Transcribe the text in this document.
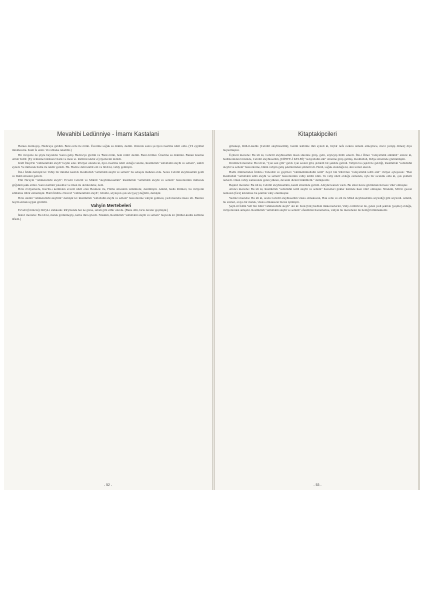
Mevahibi Ledünniye - İmamı Kastalani

Herkes durmayıp, Hadiceye geldim. Beni evde ile örtün. Üzerime soğuk su dökün, dedim. Onlarda sonra şu âyet-i kerîme nâzil oldu. (Yâ eyyühel müddessiru. Kum fe enzir. Ve rabbeke tekebbir.)

Bir rivayette de şöyle buyruldu: Sonra gelip Hadice'ye girdim ve 'Beni örtün, beni örtün' dedim. Beni örttüler. Üzerime su döktüler. Bunun üzerine Allah Teâlâ: (Ey örtüsüne bürünen! Kalk ve inzar et. Rabbini tekbir et) âyetlerini indirdi.

Kâdî İlleyd'in "rahmetullahi aleyh" beyân eder. Rivâyet olundu ki, âyet-i kerîme nâzil olduğu vakitte, Resûlullah "sallallahü aleyhi ve sellem", tekbîr eyledi. Ve mübarek lisânı ile tekbîr getirdi. Hz. Hadice dahi tekbîr etti ve bildi ki, vahiy gelmiştir.

İbn-i İshâk demiştir ki: Vahiy bir müddet kesildi. Resûlullah "sallallahü aleyhi ve sellem" bu sebeple mahzun oldu. Sonra Cebrâil aleyhisselâm geldi ve Duhâ sûresini getirdi.

Ebû Nu'aym "rahmetullahi aleyh": Evvelâ Cebrâil ve Mikâil "aleyhimesselâm" Resûlullah "sallallahü aleyhi ve sellem" hazretlerinin mübarek göğsünü şakk ettiler. Sonra kalbini yıkadılar ve iman ile doldurdular, dedi.

Ba'zı rivâyetlerde, Kur'ân-ı kerîmden evvelâ nâzil olan Besmele ile, Fâtiha sûresinin tamâmıdır, denilmiştir. Ammâ, hadis âlimleri, bu rivâyetin sıhhatine itibâr etmemiştir. Hattâ İmâm-ı Nevevî "rahmetullahi aleyh", bâtıldır, söyleyen çok söz [şey] değildir, demiştir.

Ba'zı ulemâ "rahmetullahi aleyhim" demiştir ki: Resûlullah "sallallahü aleyhi ve sellem" hazretlerine vahyin gelmesi, yedi mertebe üzere idi. Bunları beyân etmek uygun görüldü.

Vahyin Mertebeleri

Evvelâ (birincisi): Rü'yâ-i sâdıkadır. Rü'yâsında her ne görse, sabah gibi zâhir olurdu. (Buna dâir, ba'zı dersler geçmiştir.)

İkinci mertebe: Bu idi ki, melek görünmeyip, kalbe ilkâ eylerdi. Nitekim, Resûlullah "sallallahü aleyhi ve sellem" buyurdu ki: (Rûhul-kudüs kalbime üfledi.)

- 52 -
Kitaptakipcileri

göbekeşi, Rûh-il-kudüs [Cebrâil aleyhisselâm], benim kalbime ilkâ eyledi ki, hiçbir nefs rızkını tamam etmeyince, mevt yetişip ölmez] diye buyurmuştur.

Üçüncü mertebe: Bu idi ki, Cebrâil aleyhisselâm insan sûretine girip, gelir, söyleyip hitâb ederdi. İbn-i Ömer "radıyallahü anhümâ" anlatır ki, hadîslerinden birisinde, Cebrâil aleyhisselâm, [DİHYE-İ KELBİ] "radıyallahü anh" sûretine girip gelmiş, Resûlullah, Dıhye sûretinde görünmüştür.

Dördüncü mertebe: Bu idi ki, "Çan sesi gibi" geldi. Çan sesleri gibi, şiddetli bir şekilde gelirdi. Vahyin bu çeşidi ile geldiği, Resûlullah "sallallahü aleyhi ve sellem" hazretlerine, bütün vahyin geliş şekillerinden şiddetli idi. Hattâ, soğuk olunduğu ki, alın terleri akardı.

Hadîs âlimlerinden İmâm-ı Taberânî ve gayrileri "rahimehümullahü teâlâ" Zeyd bin Sâbit'den "radıyallahü teâlâ anh" rivâyet eyleyerek: "Ben Resûlullah "sallallahü teâlâ aleyhi ve sellem" hazretlerinin vahiy kâtibi idim. Ve vahy nâzil olduğu zamanda, öyle bir sıcaklık oldu ki, çok şiddetli terlerdi. Onun vahiy zamanında gelen yükten, devenin dizleri bükülürdü." demişlerdir.

Beşinci mertebe: Bu idi ki, Cebrâil aleyhisselâmı, kendi sûretinde gelirdi. Altıyüz kanadı vardı. Bu sûret üzere görünmek iki kere vâki' olmuştur.

Altıncı mertebe: Bu idi ki, Resûlullah "sallallahü teâlâ aleyhi ve sellem" hazretleri gökler üstünde iken vâki' olmuştur. Nitekim, Mi'râc gecesi namazın [farz] kılınması bu şekilde vahy olunmuştur.

Yedinci mertebe: Bu idi ki, arada Cebrâil aleyhisselâm vâsıta olmaksızın, Hak celle ve alâ ile Mûsâ aleyhisselâma söylediği gibi söylerdi. Ammâ, bu sözleri, araya bir melek, vâsıta olmaksızın bizzat işitmiştir.

Şeyh-ül İslâm Velî bin Irâkî "rahmetullahi aleyh" der ki: Kırk [bin] hadîsin mükerrerlerini, Vahy-i nübüvvet ile, gelen yedi şekilde [çeşitte] olduğu, rivâyetlerden anlaşılır. Resûlullah "sallallahü aleyhi ve sellem" efendimiz hazretlerine, vahyin bu mertebeler ile ilettiği bilinmektedir.

- 53 -
